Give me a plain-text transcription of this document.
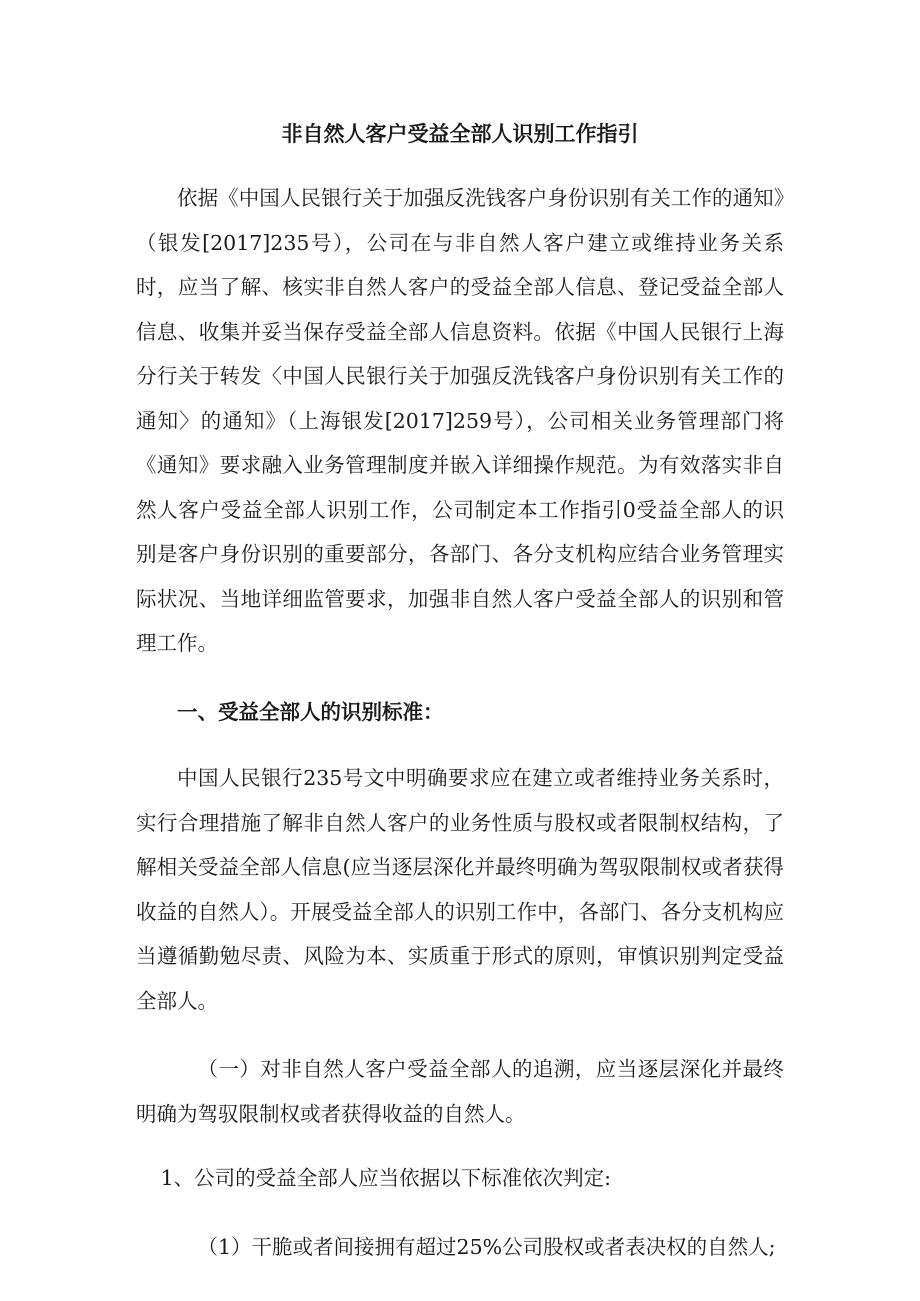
非自然人客户受益全部人识别工作指引

依据《中国人民银行关于加强反洗钱客户身份识别有关工作的通知》（银发[2017]235号），公司在与非自然人客户建立或维持业务关系时，应当了解、核实非自然人客户的受益全部人信息、登记受益全部人信息、收集并妥当保存受益全部人信息资料。依据《中国人民银行上海分行关于转发〈中国人民银行关于加强反洗钱客户身份识别有关工作的通知〉的通知》（上海银发[2017]259号），公司相关业务管理部门将《通知》要求融入业务管理制度并嵌入详细操作规范。为有效落实非自然人客户受益全部人识别工作，公司制定本工作指引0受益全部人的识别是客户身份识别的重要部分，各部门、各分支机构应结合业务管理实际状况、当地详细监管要求，加强非自然人客户受益全部人的识别和管理工作。

一、受益全部人的识别标准：

中国人民银行235号文中明确要求应在建立或者维持业务关系时，实行合理措施了解非自然人客户的业务性质与股权或者限制权结构，了解相关受益全部人信息(应当逐层深化并最终明确为驾驭限制权或者获得收益的自然人）。开展受益全部人的识别工作中，各部门、各分支机构应当遵循勤勉尽责、风险为本、实质重于形式的原则，审慎识别判定受益全部人。

（一）对非自然人客户受益全部人的追溯，应当逐层深化并最终明确为驾驭限制权或者获得收益的自然人。

1、公司的受益全部人应当依据以下标准依次判定:

（1）干脆或者间接拥有超过25%公司股权或者表决权的自然人;
